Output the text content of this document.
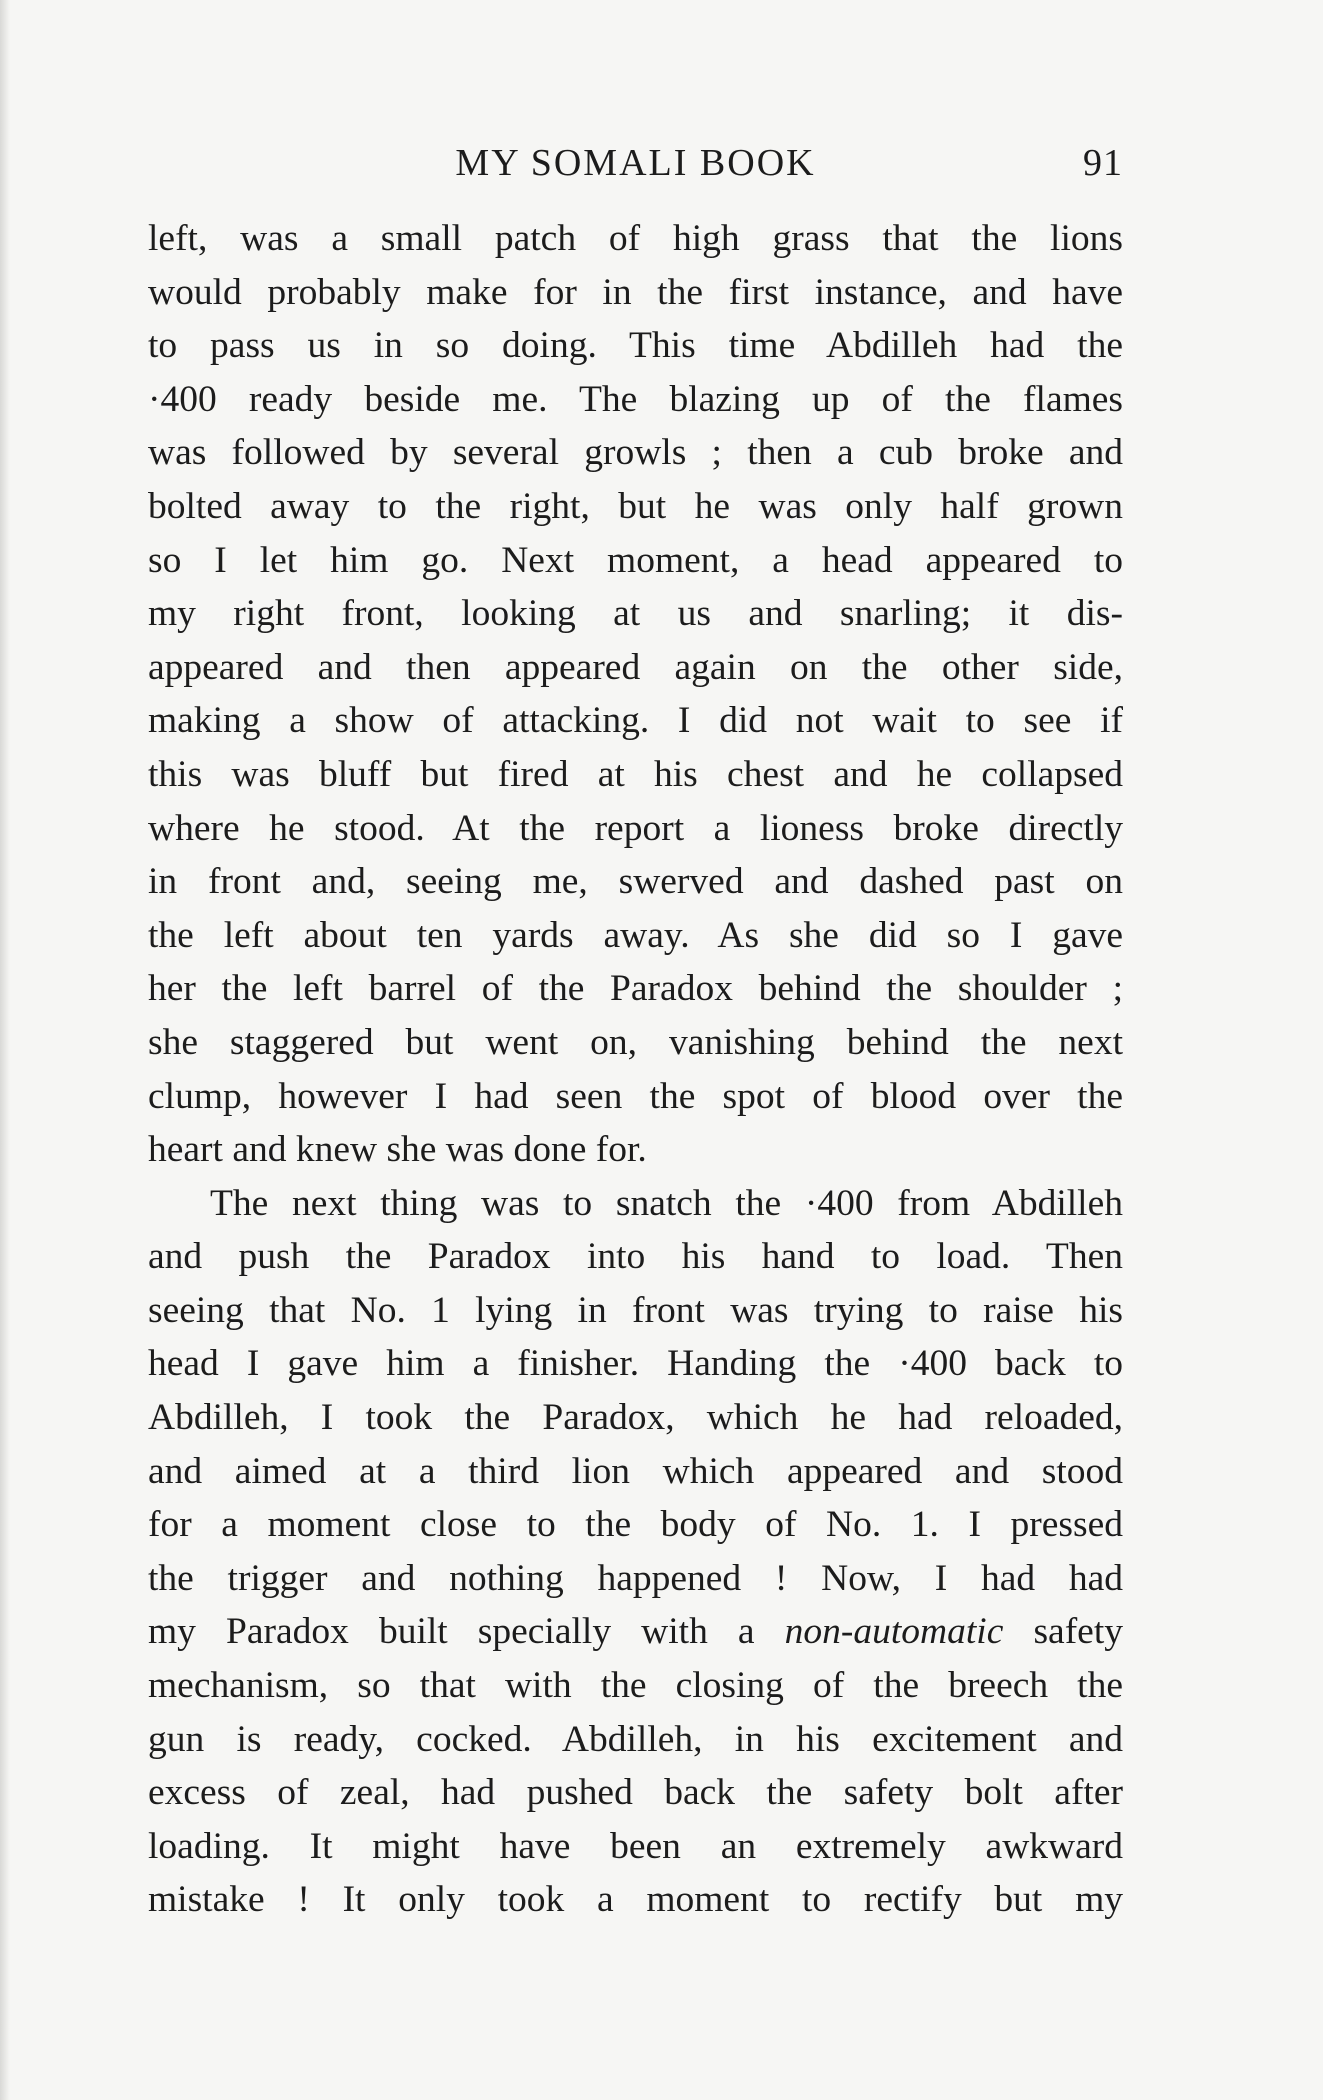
MY SOMALI BOOK	91
left, was a small patch of high grass that the lions
would probably make for in the first instance, and have
to pass us in so doing. This time Abdilleh had the
·400 ready beside me. The blazing up of the flames
was followed by several growls ; then a cub broke and
bolted away to the right, but he was only half grown
so I let him go. Next moment, a head appeared to
my right front, looking at us and snarling; it dis-
appeared and then appeared again on the other side,
making a show of attacking. I did not wait to see if
this was bluff but fired at his chest and he collapsed
where he stood. At the report a lioness broke directly
in front and, seeing me, swerved and dashed past on
the left about ten yards away. As she did so I gave
her the left barrel of the Paradox behind the shoulder ;
she staggered but went on, vanishing behind the next
clump, however I had seen the spot of blood over the
heart and knew she was done for.
The next thing was to snatch the ·400 from Abdilleh
and push the Paradox into his hand to load. Then
seeing that No. 1 lying in front was trying to raise his
head I gave him a finisher. Handing the ·400 back to
Abdilleh, I took the Paradox, which he had reloaded,
and aimed at a third lion which appeared and stood
for a moment close to the body of No. 1. I pressed
the trigger and nothing happened ! Now, I had had
my Paradox built specially with a non-automatic safety
mechanism, so that with the closing of the breech the
gun is ready, cocked. Abdilleh, in his excitement and
excess of zeal, had pushed back the safety bolt after
loading. It might have been an extremely awkward
mistake ! It only took a moment to rectify but my
